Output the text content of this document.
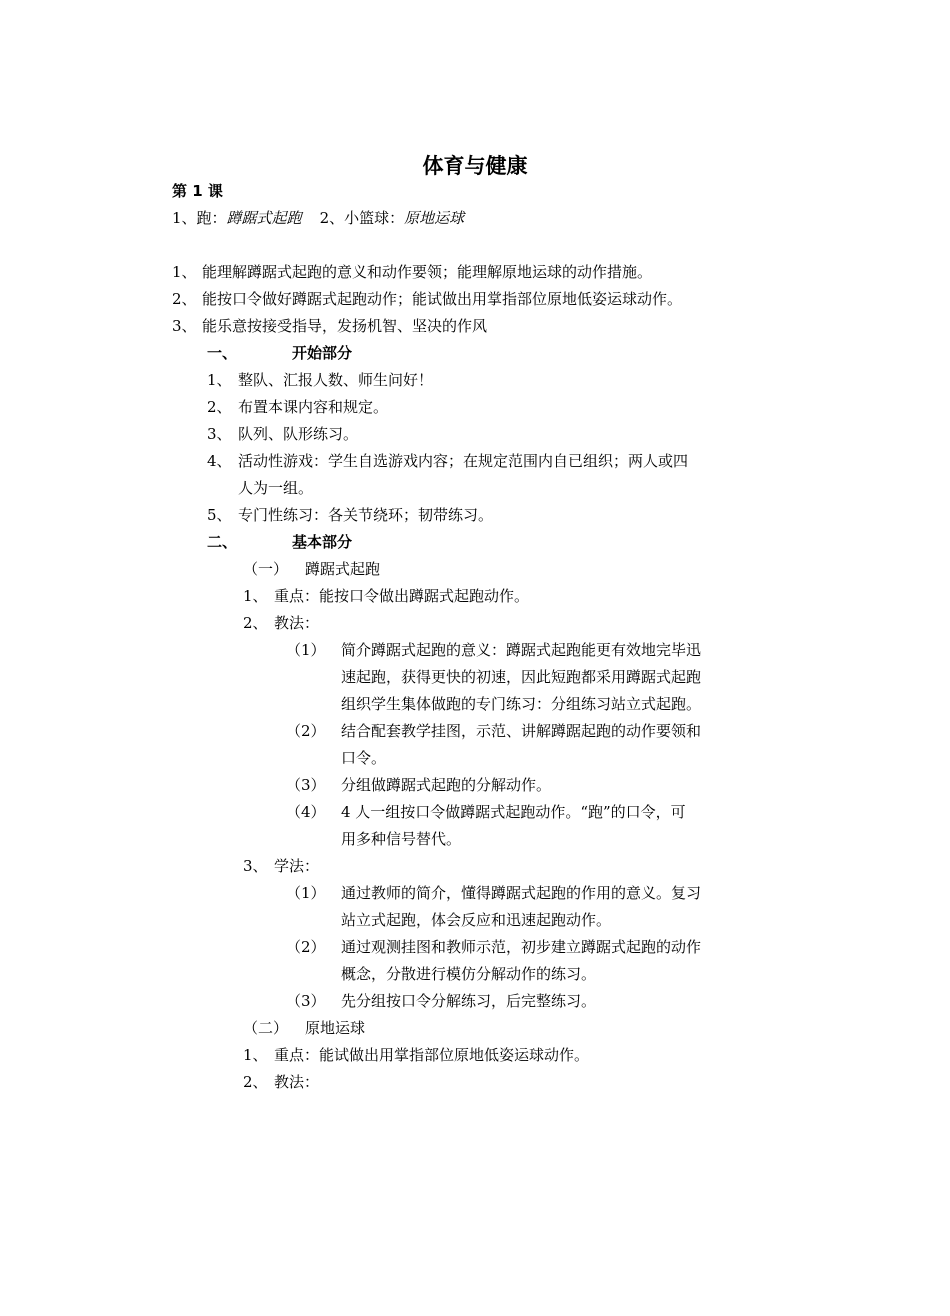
体育与健康
第 1 课
1、跑：蹲踞式起跑 2、小篮球：原地运球
1、 能理解蹲踞式起跑的意义和动作要领；能理解原地运球的动作措施。
2、 能按口令做好蹲踞式起跑动作；能试做出用掌指部位原地低姿运球动作。
3、 能乐意按接受指导，发扬机智、坚决的作风
一、	开始部分
1、 整队、汇报人数、师生问好！
2、 布置本课内容和规定。
3、 队列、队形练习。
4、 活动性游戏：学生自选游戏内容；在规定范围内自已组织；两人或四
人为一组。
5、 专门性练习：各关节绕环；韧带练习。
二、	基本部分
（一） 蹲踞式起跑
1、 重点：能按口令做出蹲踞式起跑动作。
2、 教法：
（1） 简介蹲踞式起跑的意义：蹲踞式起跑能更有效地完毕迅
速起跑，获得更快的初速，因此短跑都采用蹲踞式起跑
组织学生集体做跑的专门练习：分组练习站立式起跑。
（2） 结合配套教学挂图，示范、讲解蹲踞起跑的动作要领和
口令。
（3） 分组做蹲踞式起跑的分解动作。
（4） 4 人一组按口令做蹲踞式起跑动作。“跑”的口令，可
用多种信号替代。
3、 学法：
（1） 通过教师的简介，懂得蹲踞式起跑的作用的意义。复习
站立式起跑，体会反应和迅速起跑动作。
（2） 通过观测挂图和教师示范，初步建立蹲踞式起跑的动作
概念，分散进行模仿分解动作的练习。
（3） 先分组按口令分解练习，后完整练习。
（二） 原地运球
1、 重点：能试做出用掌指部位原地低姿运球动作。
2、 教法：
